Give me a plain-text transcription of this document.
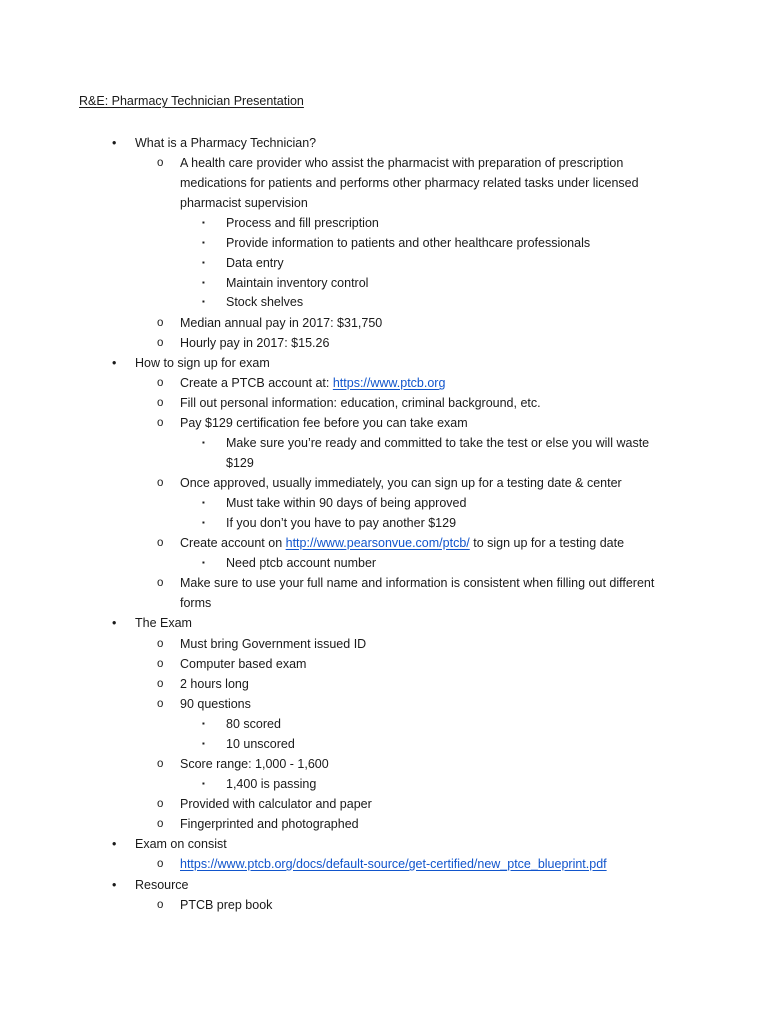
R&E: Pharmacy Technician Presentation
• What is a Pharmacy Technician?
o A health care provider who assist the pharmacist with preparation of prescription
medications for patients and performs other pharmacy related tasks under licensed
pharmacist supervision
▪ Process and fill prescription
▪ Provide information to patients and other healthcare professionals
▪ Data entry
▪ Maintain inventory control
▪ Stock shelves
o Median annual pay in 2017: $31,750
o Hourly pay in 2017: $15.26
• How to sign up for exam
o Create a PTCB account at: https://www.ptcb.org
o Fill out personal information: education, criminal background, etc.
o Pay $129 certification fee before you can take exam
▪ Make sure you’re ready and committed to take the test or else you will waste
$129
o Once approved, usually immediately, you can sign up for a testing date & center
▪ Must take within 90 days of being approved
▪ If you don’t you have to pay another $129
o Create account on http://www.pearsonvue.com/ptcb/ to sign up for a testing date
▪ Need ptcb account number
o Make sure to use your full name and information is consistent when filling out different
forms
• The Exam
o Must bring Government issued ID
o Computer based exam
o 2 hours long
o 90 questions
▪ 80 scored
▪ 10 unscored
o Score range: 1,000 - 1,600
▪ 1,400 is passing
o Provided with calculator and paper
o Fingerprinted and photographed
• Exam on consist
o https://www.ptcb.org/docs/default-source/get-certified/new_ptce_blueprint.pdf
• Resource
o PTCB prep book
